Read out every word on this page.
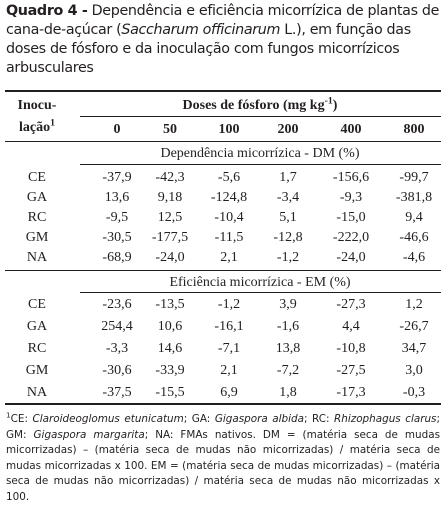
Quadro 4 - Dependência e eficiência micorrízica de plantas de cana-de-açúcar (Saccharum officinarum L.), em função das doses de fósforo e da inoculação com fungos micorrízicos arbusculares
Inocu-
lação$^1$
Doses de fósforo (mg $kg^{-1}$)
0	50	100	200	400	800
Dependência micorrízica - DM (%)
CE	-37,9	-42,3	-5,6	1,7	-156,6	-99,7
GA	13,6	9,18	-124,8	-3,4	-9,3	-381,8
RC	-9,5	12,5	-10,4	5,1	-15,0	9,4
GM	-30,5	-177,5	-11,5	-12,8	-222,0	-46,6
NA	-68,9	-24,0	2,1	-1,2	-24,0	-4,6
Eficiência micorrízica - EM (%)
CE	-23,6	-13,5	-1,2	3,9	-27,3	1,2
GA	254,4	10,6	-16,1	-1,6	4,4	-26,7
RC	-3,3	14,6	-7,1	13,8	-10,8	34,7
GM	-30,6	-33,9	2,1	-7,2	-27,5	3,0
NA	-37,5	-15,5	6,9	1,8	-17,3	-0,3
$^1$CE: Claroideoglomus etunicatum; GA: Gigaspora albida; RC: Rhizophagus clarus; GM: Gigaspora margarita; NA: FMAs nativos. DM = (matéria seca de mudas micorrizadas) – (matéria seca de mudas não micorrizadas) / matéria seca de mudas micorrizadas x 100. EM = (matéria seca de mudas micorrizadas) – (matéria seca de mudas não micorrizadas) / matéria seca de mudas não micorrizadas x 100.
